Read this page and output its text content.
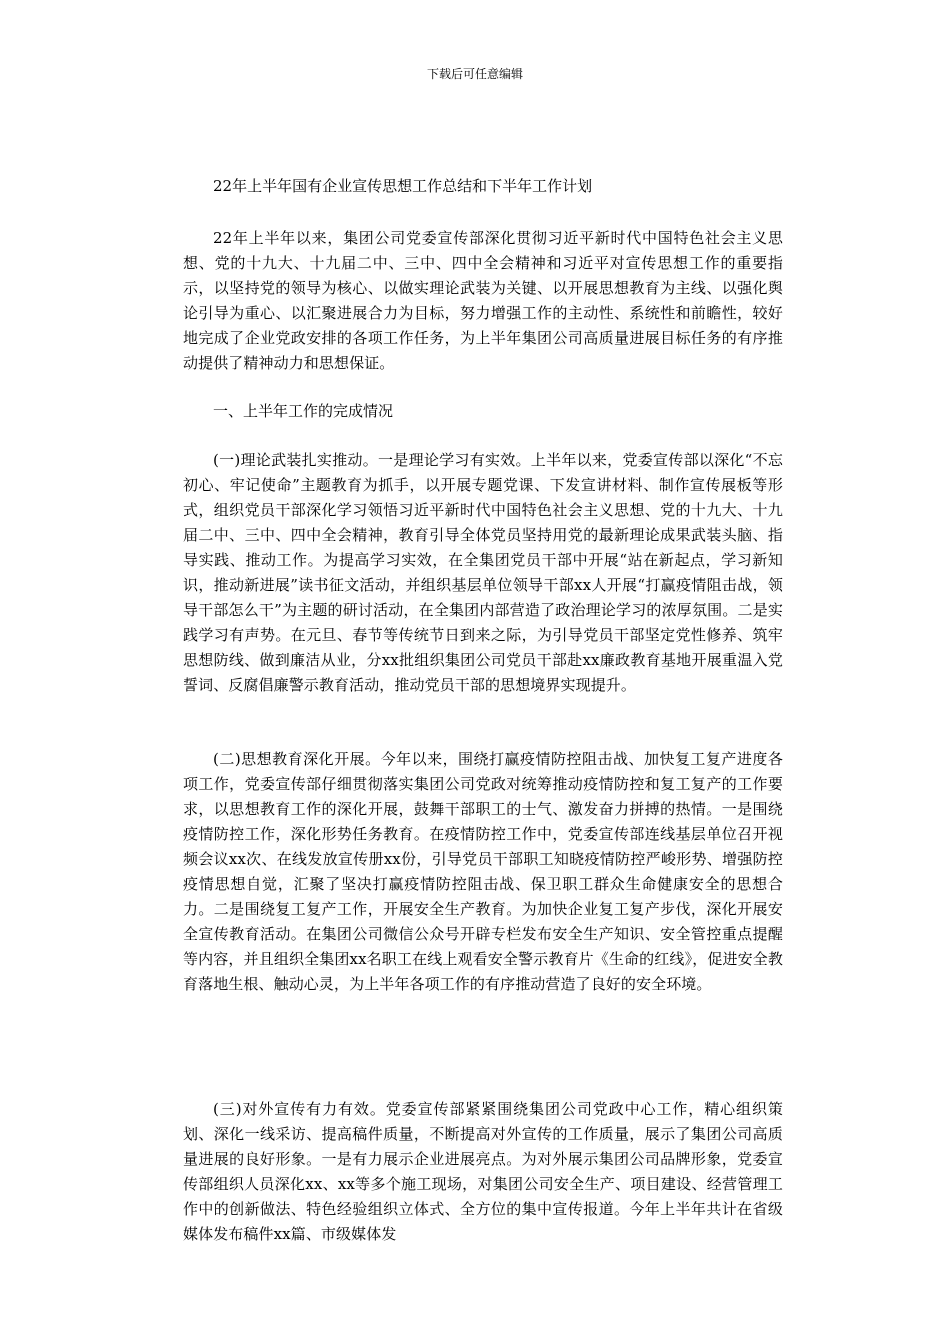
下载后可任意编辑
22年上半年国有企业宣传思想工作总结和下半年工作计划

22年上半年以来，集团公司党委宣传部深化贯彻习近平新时代中国特色社会主义思想、党的十九大、十九届二中、三中、四中全会精神和习近平对宣传思想工作的重要指示，以坚持党的领导为核心、以做实理论武装为关键、以开展思想教育为主线、以强化舆论引导为重心、以汇聚进展合力为目标，努力增强工作的主动性、系统性和前瞻性，较好地完成了企业党政安排的各项工作任务，为上半年集团公司高质量进展目标任务的有序推动提供了精神动力和思想保证。

一、上半年工作的完成情况

(一)理论武装扎实推动。一是理论学习有实效。上半年以来，党委宣传部以深化“不忘初心、牢记使命”主题教育为抓手，以开展专题党课、下发宣讲材料、制作宣传展板等形式，组织党员干部深化学习领悟习近平新时代中国特色社会主义思想、党的十九大、十九届二中、三中、四中全会精神，教育引导全体党员坚持用党的最新理论成果武装头脑、指导实践、推动工作。为提高学习实效，在全集团党员干部中开展“站在新起点，学习新知识，推动新进展”读书征文活动，并组织基层单位领导干部xx人开展“打赢疫情阻击战，领导干部怎么干”为主题的研讨活动，在全集团内部营造了政治理论学习的浓厚氛围。二是实践学习有声势。在元旦、春节等传统节日到来之际，为引导党员干部坚定党性修养、筑牢思想防线、做到廉洁从业，分xx批组织集团公司党员干部赴xx廉政教育基地开展重温入党誓词、反腐倡廉警示教育活动，推动党员干部的思想境界实现提升。

(二)思想教育深化开展。今年以来，围绕打赢疫情防控阻击战、加快复工复产进度各项工作，党委宣传部仔细贯彻落实集团公司党政对统筹推动疫情防控和复工复产的工作要求，以思想教育工作的深化开展，鼓舞干部职工的士气、激发奋力拼搏的热情。一是围绕疫情防控工作，深化形势任务教育。在疫情防控工作中，党委宣传部连线基层单位召开视频会议xx次、在线发放宣传册xx份，引导党员干部职工知晓疫情防控严峻形势、增强防控疫情思想自觉，汇聚了坚决打赢疫情防控阻击战、保卫职工群众生命健康安全的思想合力。二是围绕复工复产工作，开展安全生产教育。为加快企业复工复产步伐，深化开展安全宣传教育活动。在集团公司微信公众号开辟专栏发布安全生产知识、安全管控重点提醒等内容，并且组织全集团xx名职工在线上观看安全警示教育片《生命的红线》，促进安全教育落地生根、触动心灵，为上半年各项工作的有序推动营造了良好的安全环境。

(三)对外宣传有力有效。党委宣传部紧紧围绕集团公司党政中心工作，精心组织策划、深化一线采访、提高稿件质量，不断提高对外宣传的工作质量，展示了集团公司高质量进展的良好形象。一是有力展示企业进展亮点。为对外展示集团公司品牌形象，党委宣传部组织人员深化xx、xx等多个施工现场，对集团公司安全生产、项目建设、经营管理工作中的创新做法、特色经验组织立体式、全方位的集中宣传报道。今年上半年共计在省级媒体发布稿件xx篇、市级媒体发
